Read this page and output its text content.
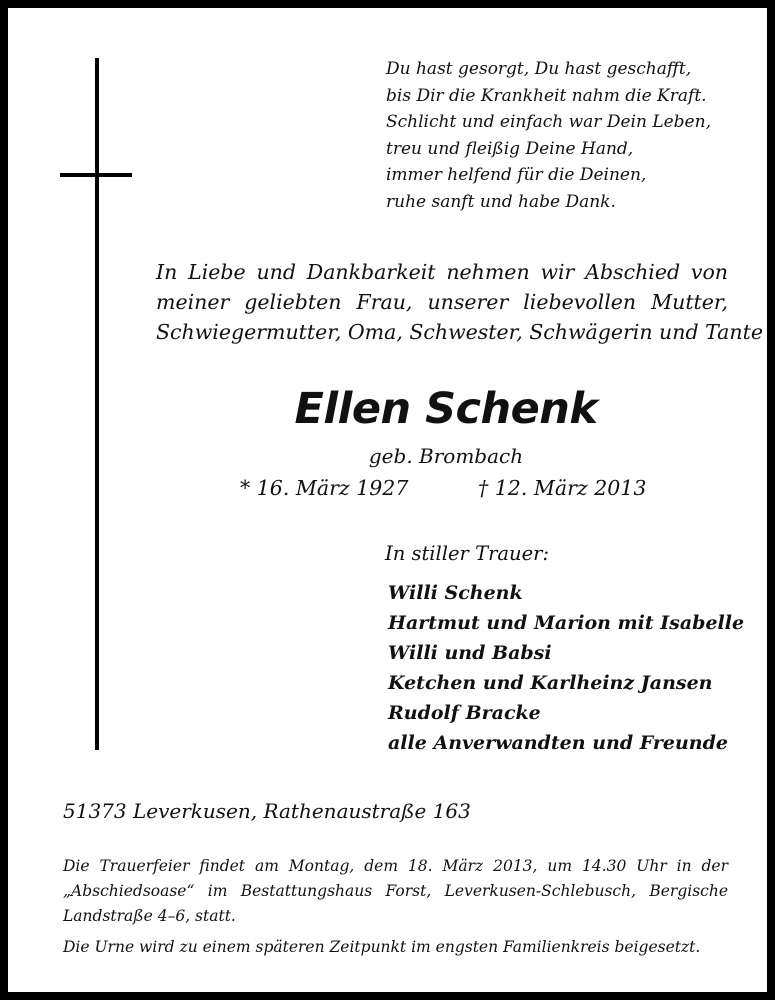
Du hast gesorgt, Du hast geschafft,
bis Dir die Krankheit nahm die Kraft.
Schlicht und einfach war Dein Leben,
treu und fleißig Deine Hand,
immer helfend für die Deinen,
ruhe sanft und habe Dank.
In Liebe und Dankbarkeit nehmen wir Abschied von
meiner geliebten Frau, unserer liebevollen Mutter,
Schwiegermutter, Oma, Schwester, Schwägerin und Tante
Ellen Schenk
geb. Brombach
* 16. März 1927	† 12. März 2013
In stiller Trauer:
Willi Schenk
Hartmut und Marion mit Isabelle
Willi und Babsi
Ketchen und Karlheinz Jansen
Rudolf Bracke
alle Anverwandten und Freunde
51373 Leverkusen, Rathenaustraße 163
Die Trauerfeier findet am Montag, dem 18. März 2013, um 14.30 Uhr in der
„Abschiedsoase“ im Bestattungshaus Forst, Leverkusen-Schlebusch, Bergische
Landstraße 4–6, statt.
Die Urne wird zu einem späteren Zeitpunkt im engsten Familienkreis beigesetzt.
